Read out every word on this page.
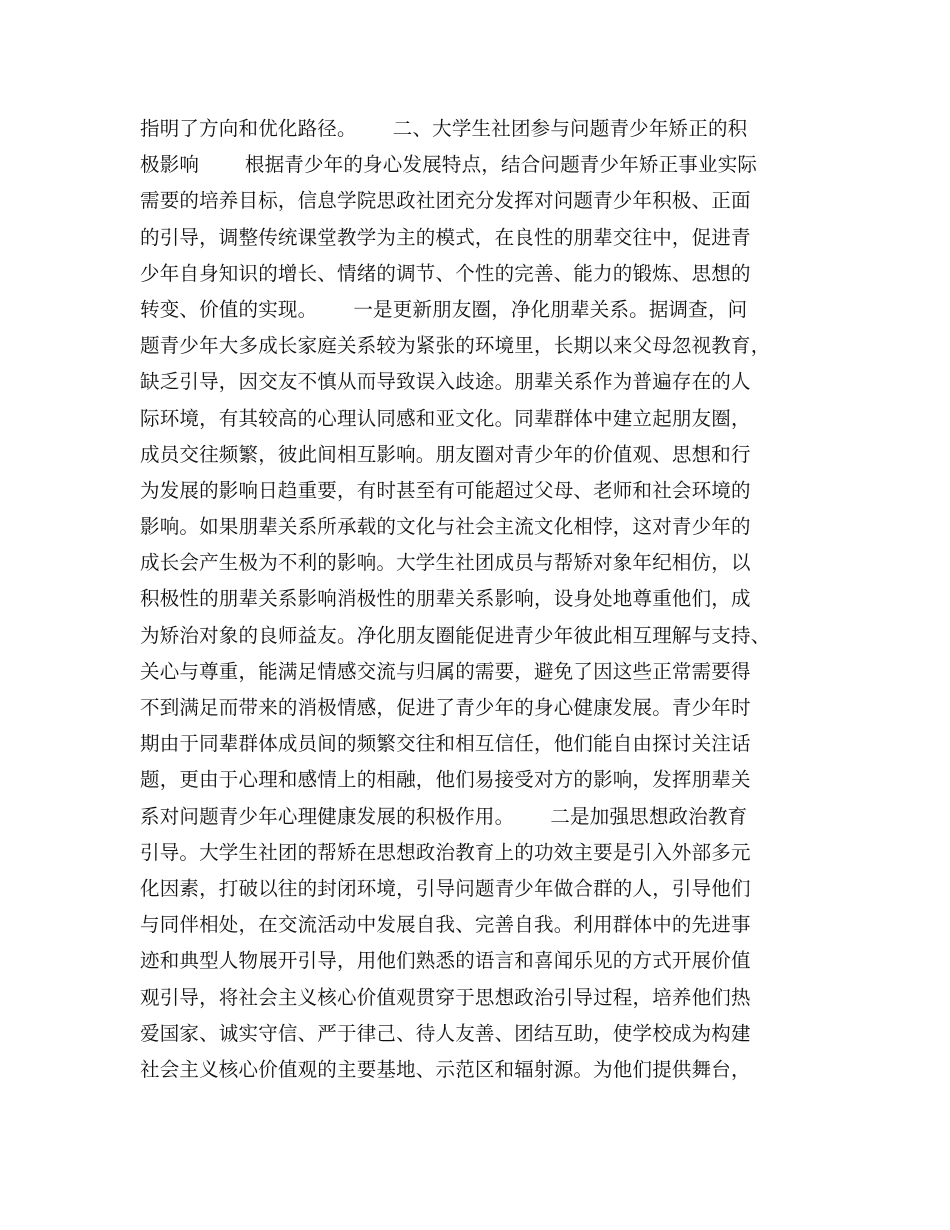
指明了方向和优化路径。　　 二、大学生社团参与问题青少年矫正的积
极影响　　 根据青少年的身心发展特点，结合问题青少年矫正事业实际
需要的培养目标，信息学院思政社团充分发挥对问题青少年积极、正面
的引导，调整传统课堂教学为主的模式，在良性的朋辈交往中，促进青
少年自身知识的增长、情绪的调节、个性的完善、能力的锻炼、思想的
转变、价值的实现。　　 一是更新朋友圈，净化朋辈关系。据调查，问
题青少年大多成长家庭关系较为紧张的环境里，长期以来父母忽视教育，
缺乏引导，因交友不慎从而导致误入歧途。朋辈关系作为普遍存在的人
际环境，有其较高的心理认同感和亚文化。同辈群体中建立起朋友圈，
成员交往频繁，彼此间相互影响。朋友圈对青少年的价值观、思想和行
为发展的影响日趋重要，有时甚至有可能超过父母、老师和社会环境的
影响。如果朋辈关系所承载的文化与社会主流文化相悖，这对青少年的
成长会产生极为不利的影响。大学生社团成员与帮矫对象年纪相仿，以
积极性的朋辈关系影响消极性的朋辈关系影响，设身处地尊重他们，成
为矫治对象的良师益友。净化朋友圈能促进青少年彼此相互理解与支持、
关心与尊重，能满足情感交流与归属的需要，避免了因这些正常需要得
不到满足而带来的消极情感，促进了青少年的身心健康发展。青少年时
期由于同辈群体成员间的频繁交往和相互信任，他们能自由探讨关注话
题，更由于心理和感情上的相融，他们易接受对方的影响，发挥朋辈关
系对问题青少年心理健康发展的积极作用。　　 二是加强思想政治教育
引导。大学生社团的帮矫在思想政治教育上的功效主要是引入外部多元
化因素，打破以往的封闭环境，引导问题青少年做合群的人，引导他们
与同伴相处，在交流活动中发展自我、完善自我。利用群体中的先进事
迹和典型人物展开引导，用他们熟悉的语言和喜闻乐见的方式开展价值
观引导，将社会主义核心价值观贯穿于思想政治引导过程，培养他们热
爱国家、诚实守信、严于律己、待人友善、团结互助，使学校成为构建
社会主义核心价值观的主要基地、示范区和辐射源。为他们提供舞台，
